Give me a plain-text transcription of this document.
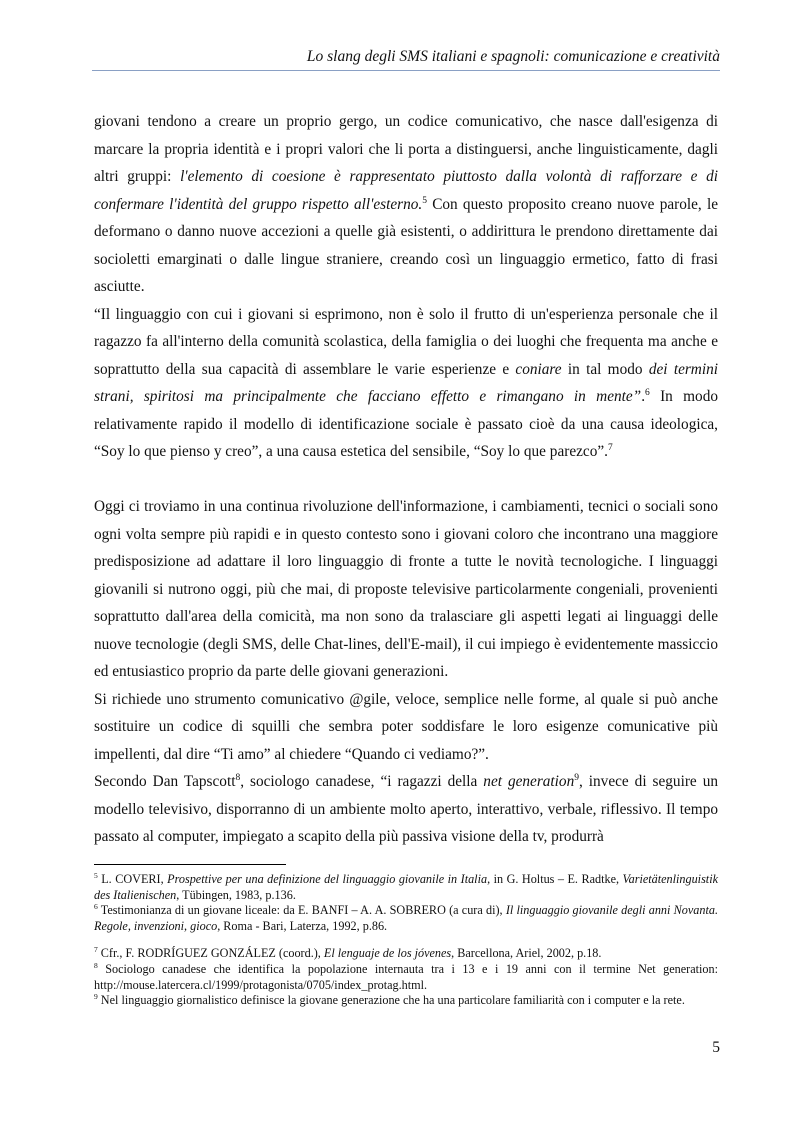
Lo slang degli SMS italiani e spagnoli: comunicazione e creatività

giovani tendono a creare un proprio gergo, un codice comunicativo, che nasce dall'esigenza di marcare la propria identità e i propri valori che li porta a distinguersi, anche linguisticamente, dagli altri gruppi: l'elemento di coesione è rappresentato piuttosto dalla volontà di rafforzare e di confermare l'identità del gruppo rispetto all'esterno.$^5$ Con questo proposito creano nuove parole, le deformano o danno nuove accezioni a quelle già esistenti, o addirittura le prendono direttamente dai socioletti emarginati o dalle lingue straniere, creando così un linguaggio ermetico, fatto di frasi asciutte.

“Il linguaggio con cui i giovani si esprimono, non è solo il frutto di un'esperienza personale che il ragazzo fa all'interno della comunità scolastica, della famiglia o dei luoghi che frequenta ma anche e soprattutto della sua capacità di assemblare le varie esperienze e coniare in tal modo dei termini strani, spiritosi ma principalmente che facciano effetto e rimangano in mente”.$^6$ In modo relativamente rapido il modello di identificazione sociale è passato cioè da una causa ideologica, “Soy lo que pienso y creo”, a una causa estetica del sensibile, “Soy lo que parezco”.$^7$

Oggi ci troviamo in una continua rivoluzione dell'informazione, i cambiamenti, tecnici o sociali sono ogni volta sempre più rapidi e in questo contesto sono i giovani coloro che incontrano una maggiore predisposizione ad adattare il loro linguaggio di fronte a tutte le novità tecnologiche. I linguaggi giovanili si nutrono oggi, più che mai, di proposte televisive particolarmente congeniali, provenienti soprattutto dall'area della comicità, ma non sono da tralasciare gli aspetti legati ai linguaggi delle nuove tecnologie (degli SMS, delle Chat-lines, dell'E-mail), il cui impiego è evidentemente massiccio ed entusiastico proprio da parte delle giovani generazioni.

Si richiede uno strumento comunicativo @gile, veloce, semplice nelle forme, al quale si può anche sostituire un codice di squilli che sembra poter soddisfare le loro esigenze comunicative più impellenti, dal dire “Ti amo” al chiedere “Quando ci vediamo?”.

Secondo Dan Tapscott$^8$, sociologo canadese, “i ragazzi della net generation$^9$, invece di seguire un modello televisivo, disporranno di un ambiente molto aperto, interattivo, verbale, riflessivo. Il tempo passato al computer, impiegato a scapito della più passiva visione della tv, produrrà

$^5$ L. COVERI, Prospettive per una definizione del linguaggio giovanile in Italia, in G. Holtus – E. Radtke, Varietätenlinguistik des Italienischen, Tübingen, 1983, p.136.

$^6$ Testimonianza di un giovane liceale: da E. BANFI – A. A. SOBRERO (a cura di), Il linguaggio giovanile degli anni Novanta. Regole, invenzioni, gioco, Roma - Bari, Laterza, 1992, p.86.

$^7$ Cfr., F. RODRÍGUEZ GONZÁLEZ (coord.), El lenguaje de los jóvenes, Barcellona, Ariel, 2002, p.18.

$^8$ Sociologo canadese che identifica la popolazione internauta tra i 13 e i 19 anni con il termine Net generation: http://mouse.latercera.cl/1999/protagonista/0705/index_protag.html.

$^9$ Nel linguaggio giornalistico definisce la giovane generazione che ha una particolare familiarità con i computer e la rete.

5
